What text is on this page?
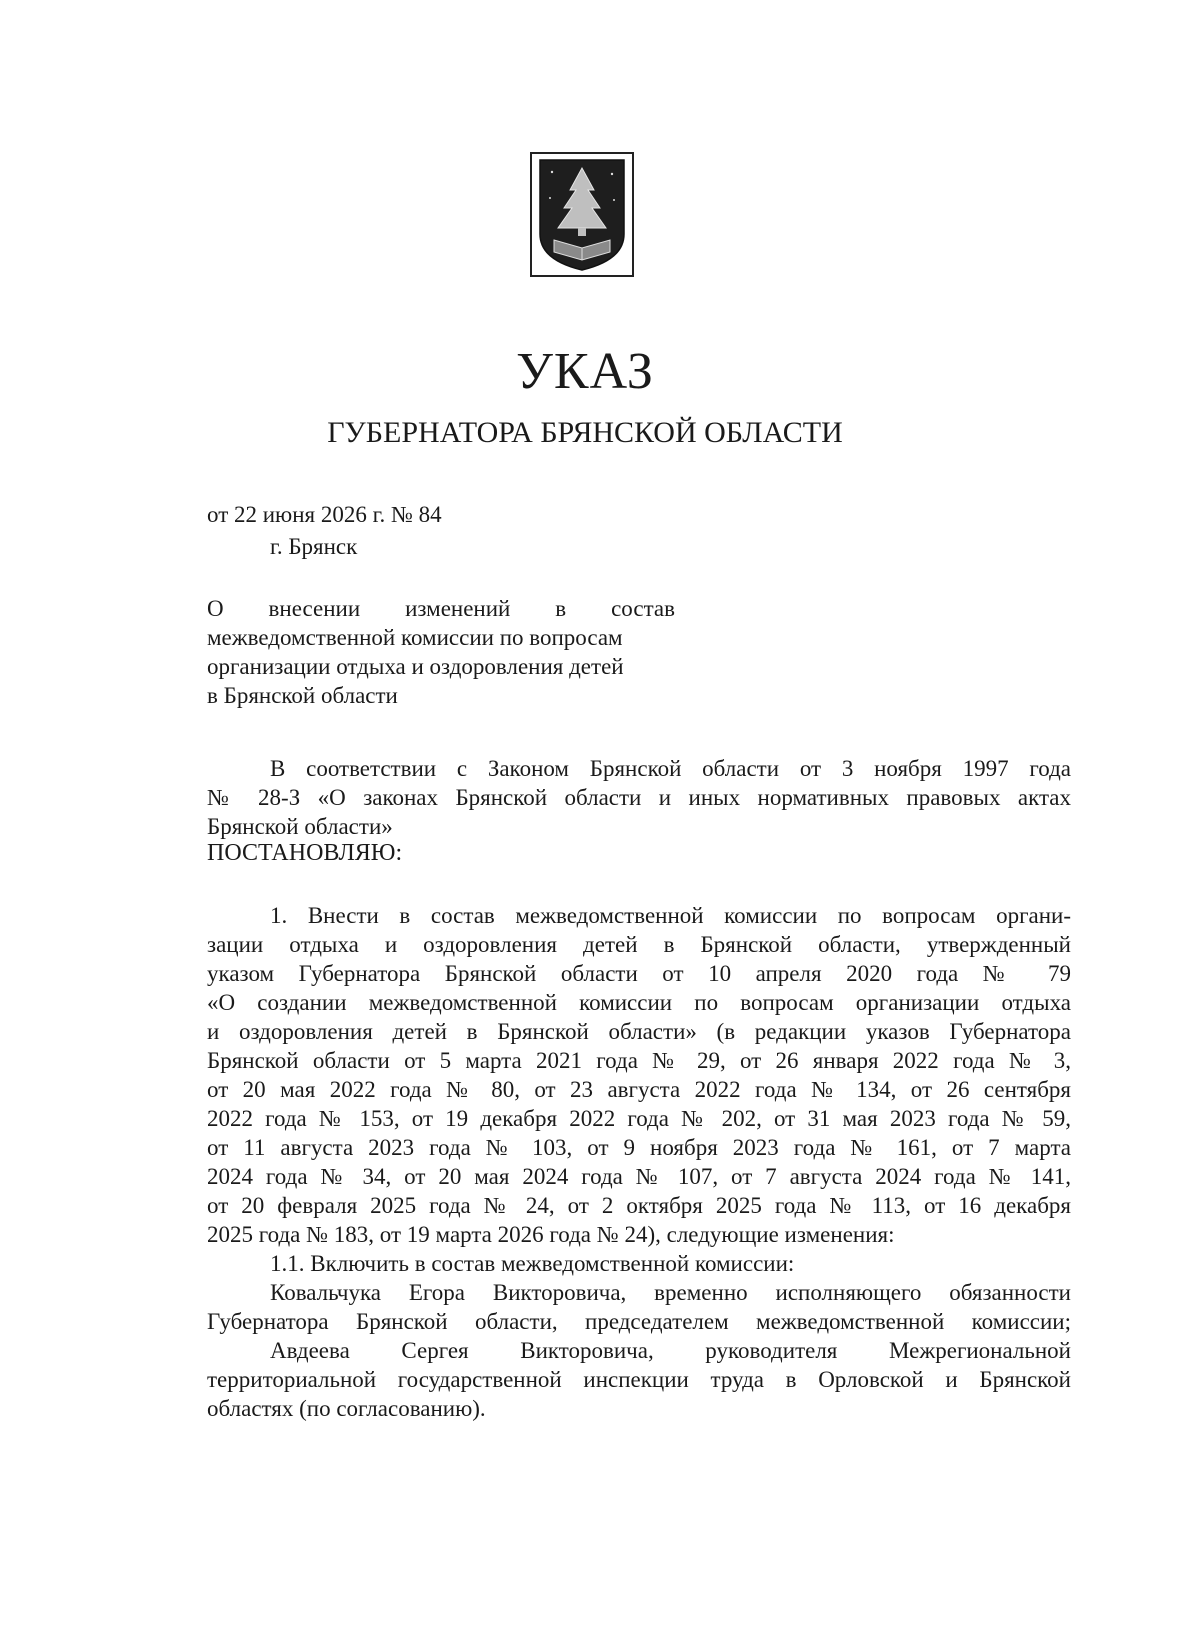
УКАЗ
ГУБЕРНАТОРА БРЯНСКОЙ ОБЛАСТИ
от 22 июня 2026 г. № 84
г. Брянск
О внесении изменений в состав
межведомственной комиссии по вопросам
организации отдыха и оздоровления детей
в Брянской области
В соответствии с Законом Брянской области от 3 ноября 1997 года
№ 28-З «О законах Брянской области и иных нормативных правовых актах
Брянской области»
ПОСТАНОВЛЯЮ:
1. Внести в состав межведомственной комиссии по вопросам органи-
зации отдыха и оздоровления детей в Брянской области, утвержденный
указом Губернатора Брянской области от 10 апреля 2020 года № 79
«О создании межведомственной комиссии по вопросам организации отдыха
и оздоровления детей в Брянской области» (в редакции указов Губернатора
Брянской области от 5 марта 2021 года № 29, от 26 января 2022 года № 3,
от 20 мая 2022 года № 80, от 23 августа 2022 года № 134, от 26 сентября
2022 года № 153, от 19 декабря 2022 года № 202, от 31 мая 2023 года № 59,
от 11 августа 2023 года № 103, от 9 ноября 2023 года № 161, от 7 марта
2024 года № 34, от 20 мая 2024 года № 107, от 7 августа 2024 года № 141,
от 20 февраля 2025 года № 24, от 2 октября 2025 года № 113, от 16 декабря
2025 года № 183, от 19 марта 2026 года № 24), следующие изменения:
1.1. Включить в состав межведомственной комиссии:
Ковальчука Егора Викторовича, временно исполняющего обязанности
Губернатора Брянской области, председателем межведомственной комиссии;
Авдеева Сергея Викторовича, руководителя Межрегиональной
территориальной государственной инспекции труда в Орловской и Брянской
областях (по согласованию).
